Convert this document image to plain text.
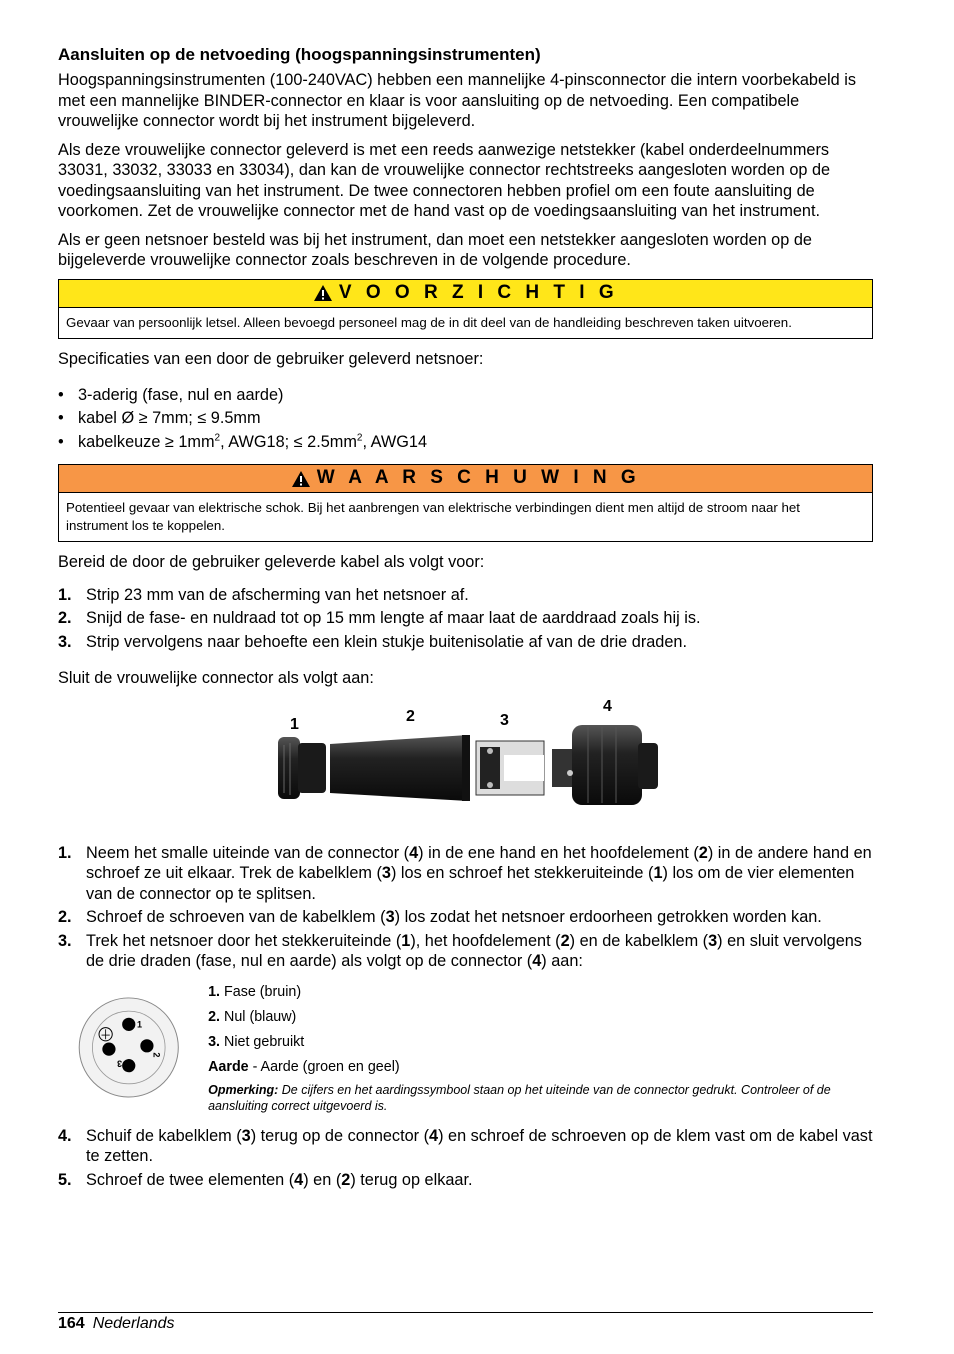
Aansluiten op de netvoeding (hoogspanningsinstrumenten)

Hoogspanningsinstrumenten (100-240VAC) hebben een mannelijke 4-pinsconnector die intern voorbekabeld is met een mannelijke BINDER-connector en klaar is voor aansluiting op de netvoeding. Een compatibele vrouwelijke connector wordt bij het instrument bijgeleverd.

Als deze vrouwelijke connector geleverd is met een reeds aanwezige netstekker (kabel onderdeelnummers 33031, 33032, 33033 en 33034), dan kan de vrouwelijke connector rechtstreeks aangesloten worden op de voedingsaansluiting van het instrument. De twee connectoren hebben profiel om een foute aansluiting de voorkomen. Zet de vrouwelijke connector met de hand vast op de voedingsaansluiting van het instrument.

Als er geen netsnoer besteld was bij het instrument, dan moet een netstekker aangesloten worden op de bijgeleverde vrouwelijke connector zoals beschreven in de volgende procedure.

V O O R Z I C H T I G
Gevaar van persoonlijk letsel. Alleen bevoegd personeel mag de in dit deel van de handleiding beschreven taken uitvoeren.

Specificaties van een door de gebruiker geleverd netsnoer:

• 3-aderig (fase, nul en aarde)
• kabel Ø ≥ 7mm; ≤ 9.5mm
• kabelkeuze ≥ $1mm^2$, AWG18; ≤ $2.5mm^2$, AWG14
W A A R S C H U W I N G
Potentieel gevaar van elektrische schok. Bij het aanbrengen van elektrische verbindingen dient men altijd de stroom naar het instrument los te koppelen.

Bereid de door de gebruiker geleverde kabel als volgt voor:

1. Strip 23 mm van de afscherming van het netsnoer af.
2. Snijd de fase- en nuldraad tot op 15 mm lengte af maar laat de aarddraad zoals hij is.
3. Strip vervolgens naar behoefte een klein stukje buitenisolatie af van de drie draden.

Sluit de vrouwelijke connector als volgt aan:

1	2	3
4
1. Neem het smalle uiteinde van de connector (4) in de ene hand en het hoofdelement (2) in de andere hand en schroef ze uit elkaar. Trek de kabelklem (3) los en schroef het stekkeruiteinde (1) los om de vier elementen van de connector op te splitsen.
2. Schroef de schroeven van de kabelklem (3) los zodat het netsnoer erdoorheen getrokken worden kan.
3. Trek het netsnoer door het stekkeruiteinde (1), het hoofdelement (2) en de kabelklem (3) en sluit vervolgens de drie draden (fase, nul en aarde) als volgt op de connector (4) aan:
1
2
3
1. Fase (bruin)
2. Nul (blauw)
3. Niet gebruikt
Aarde - Aarde (groen en geel)
Opmerking: De cijfers en het aardingssymbool staan op het uiteinde van de connector gedrukt. Controleer of de aansluiting correct uitgevoerd is.
4. Schuif de kabelklem (3) terug op de connector (4) en schroef de schroeven op de klem vast om de kabel vast te zetten.
5. Schroef de twee elementen (4) en (2) terug op elkaar.
164 Nederlands
